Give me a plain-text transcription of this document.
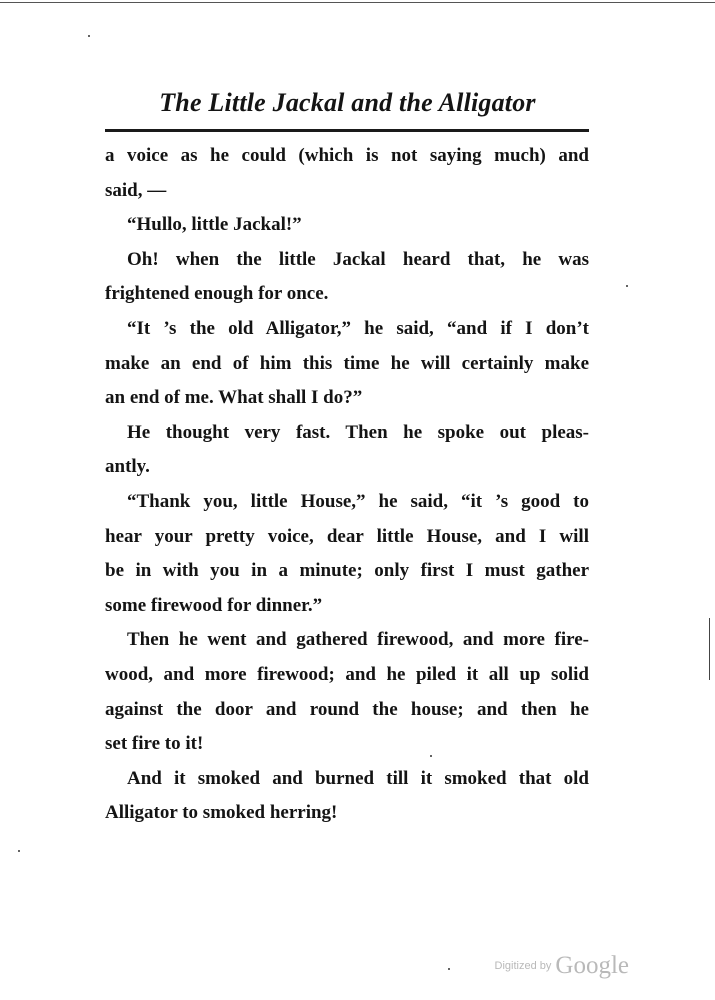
The Little Jackal and the Alligator
a voice as he could (which is not saying much) and
said, —
“Hullo, little Jackal!”
Oh! when the little Jackal heard that, he was
frightened enough for once.
“It ’s the old Alligator,” he said, “and if I don’t
make an end of him this time he will certainly make
an end of me. What shall I do?”
He thought very fast. Then he spoke out pleas-
antly.
“Thank you, little House,” he said, “it ’s good to
hear your pretty voice, dear little House, and I will
be in with you in a minute; only first I must gather
some firewood for dinner.”
Then he went and gathered firewood, and more fire-
wood, and more firewood; and he piled it all up solid
against the door and round the house; and then he
set fire to it!
And it smoked and burned till it smoked that old
Alligator to smoked herring!
Digitized by Google
